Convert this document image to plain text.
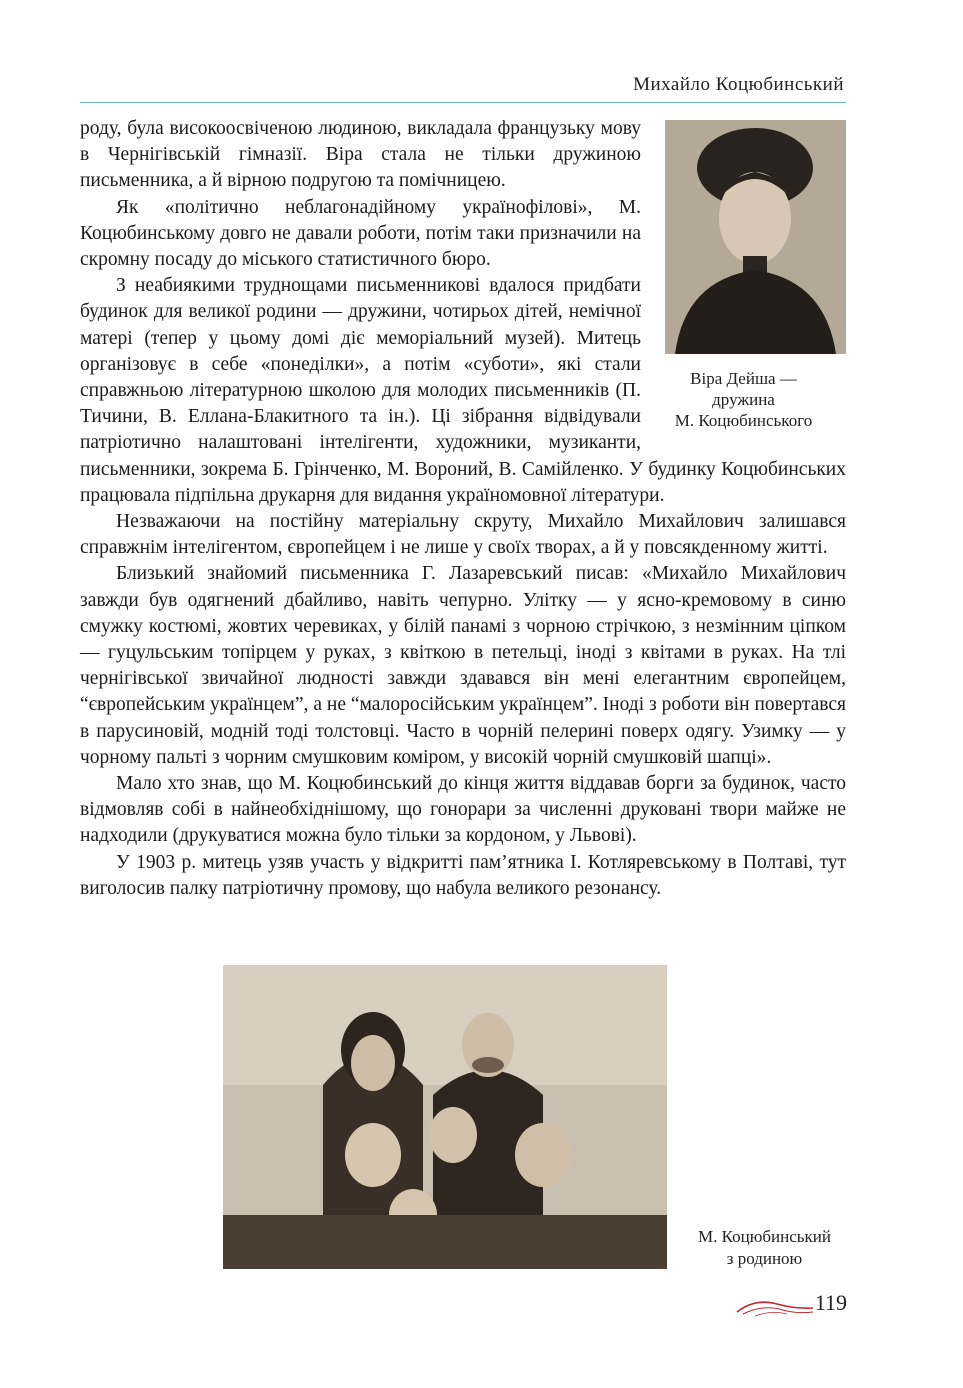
Михайло Коцюбинський
Віра Дейша —
дружина
М. Коцюбинського

роду, була високоосвіченою людиною, викладала французьку мову в Чернігівській гімназії. Віра стала не тільки дружиною письменника, а й вірною подругою та помічницею.

Як «політично неблагонадійному українофілові», М. Коцюбинському довго не давали роботи, потім таки призначили на скромну посаду до міського статистичного бюро.

З неабиякими труднощами письменникові вдалося придбати будинок для великої родини — дружини, чотирьох дітей, немічної матері (тепер у цьому домі діє меморіальний музей). Митець організовує в себе «понеділки», а потім «суботи», які стали справжньою літературною школою для молодих письменників (П. Тичини, В. Еллана-Блакитного та ін.). Ці зібрання відвідували патріотично налаштовані інтелігенти, художники, музиканти, письменники, зокрема Б. Грінченко, М. Вороний, В. Самійленко. У будинку Коцюбинських працювала підпільна друкарня для видання україномовної літератури.

Незважаючи на постійну матеріальну скруту, Михайло Михайлович залишався справжнім інтелігентом, європейцем і не лише у своїх творах, а й у повсякденному житті.

Близький знайомий письменника Г. Лазаревський писав: «Михайло Михайлович завжди був одягнений дбайливо, навіть чепурно. Улітку — у ясно-кремовому в синю смужку костюмі, жовтих черевиках, у білій панамі з чорною стрічкою, з незмінним ціпком — гуцульським топірцем у руках, з квіткою в петельці, іноді з квітами в руках. На тлі чернігівської звичайної людності завжди здавався він мені елегантним європейцем, “європейським українцем”, а не “малоросійським українцем”. Іноді з роботи він повертався в парусиновій, модній тоді толстовці. Часто в чорній пелерині поверх одягу. Узимку — у чорному пальті з чорним смушковим коміром, у високій чорній смушковій шапці».

Мало хто знав, що М. Коцюбинський до кінця життя віддавав борги за будинок, часто відмовляв собі в найнеобхіднішому, що гонорари за численні друковані твори майже не надходили (друкуватися можна було тільки за кордоном, у Львові).

У 1903 р. митець узяв участь у відкритті пам’ятника І. Котляревському в Полтаві, тут виголосив палку патріотичну промову, що набула великого резонансу.

М. Коцюбинський
з родиною
119
